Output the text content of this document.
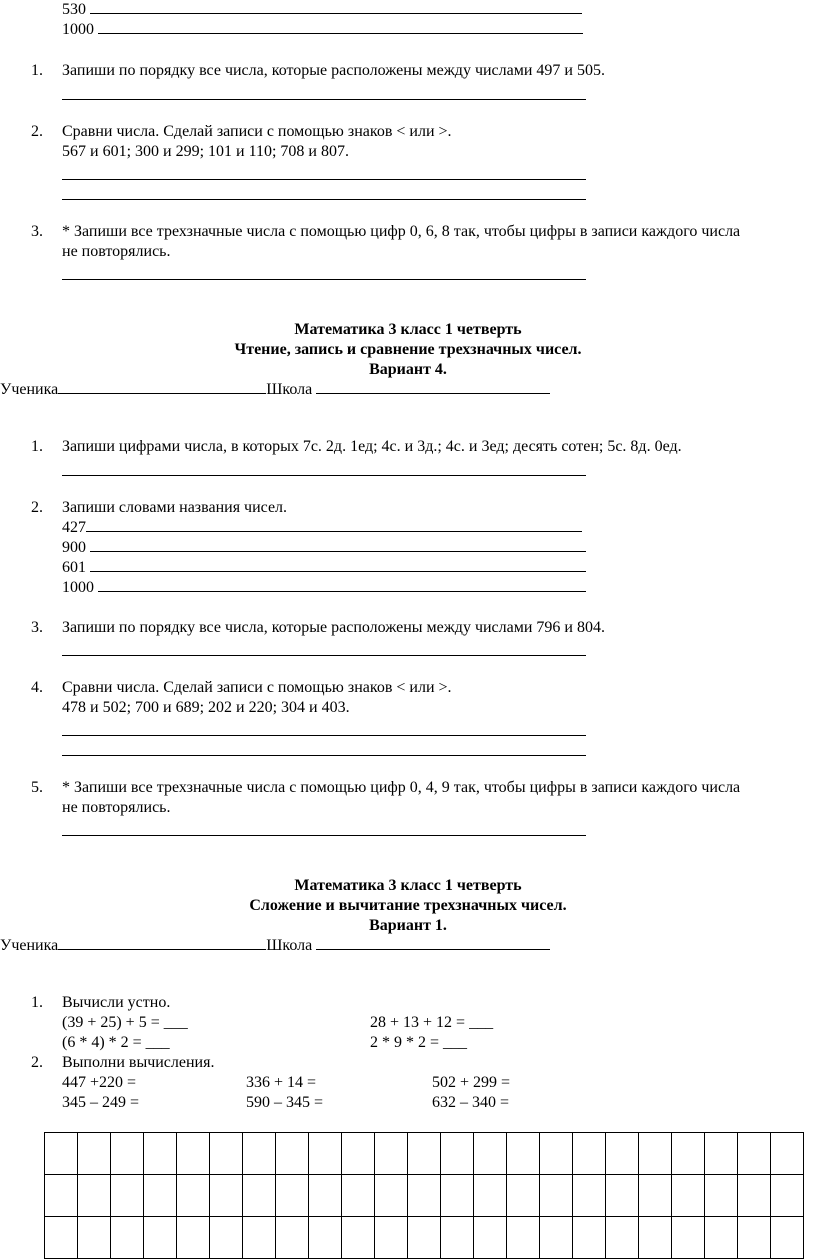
530
1000
1. Запиши по порядку все числа, которые расположены между числами 497 и 505.
2. Сравни числа. Сделай записи с помощью знаков < или >.
567 и 601; 300 и 299; 101 и 110; 708 и 807.
3. * Запиши все трехзначные числа с помощью цифр 0, 6, 8 так, чтобы цифры в записи каждого числа
не повторялись.
Математика 3 класс 1 четверть
Чтение, запись и сравнение трехзначных чисел.
Вариант 4.
Ученика	Школа
1. Запиши цифрами числа, в которых 7с. 2д. 1ед; 4с. и 3д.; 4с. и 3ед; десять сотен; 5с. 8д. 0ед.
2. Запиши словами названия чисел.
427
900
601
1000
3. Запиши по порядку все числа, которые расположены между числами 796 и 804.
4. Сравни числа. Сделай записи с помощью знаков < или >.
478 и 502; 700 и 689; 202 и 220; 304 и 403.
5. * Запиши все трехзначные числа с помощью цифр 0, 4, 9 так, чтобы цифры в записи каждого числа
не повторялись.
Математика 3 класс 1 четверть
Сложение и вычитание трехзначных чисел.
Вариант 1.
Ученика	Школа
1. Вычисли устно.
(39 + 25) + 5 = ___	28 + 13 + 12 = ___
(6 * 4) * 2 = ___	2 * 9 * 2 = ___
2. Выполни вычисления.
447 +220 =	336 + 14 =	502 + 299 =
345 – 249 =	590 – 345 =	632 – 340 =
